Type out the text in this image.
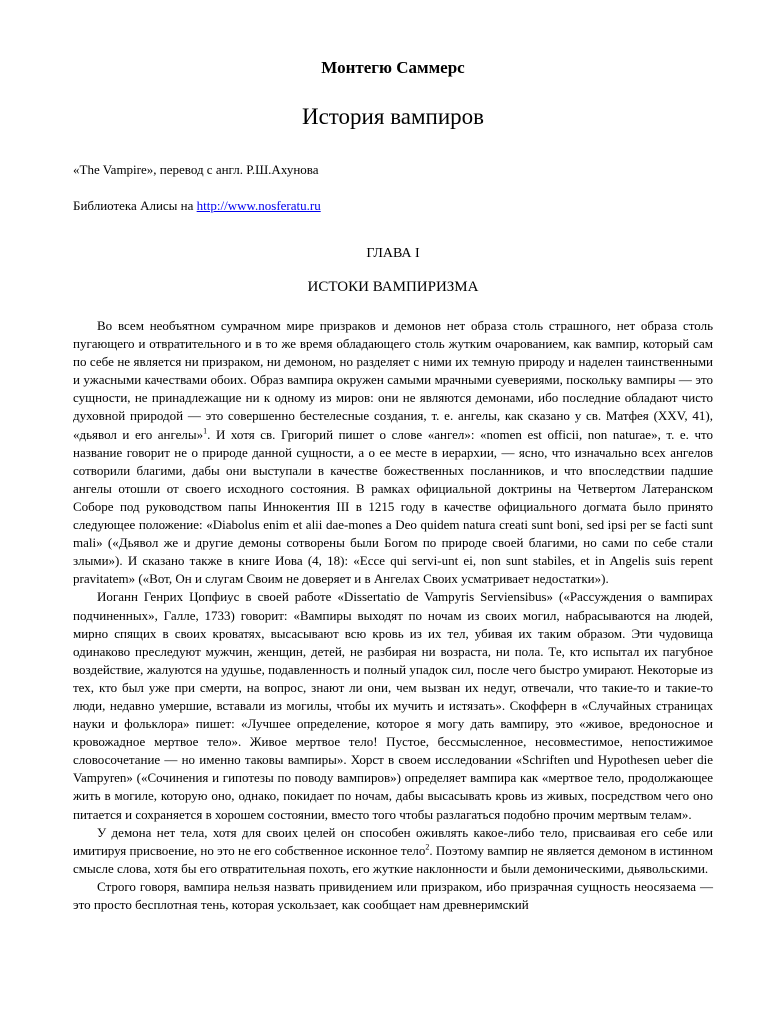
Монтегю Саммерс
История вампиров
«The Vampire», перевод с англ. Р.Ш.Ахунова
Библиотека Алисы на http://www.nosferatu.ru
ГЛАВА I
ИСТОКИ ВАМПИРИЗМА

Во всем необъятном сумрачном мире призраков и демонов нет образа столь страшного, нет образа столь пугающего и отвратительного и в то же время обладающего столь жутким очарованием, как вампир, который сам по себе не является ни призраком, ни демоном, но разделяет с ними их темную природу и наделен таинственными и ужасными качествами обоих. Образ вампира окружен самыми мрачными суевериями, поскольку вампиры — это сущности, не принадлежащие ни к одному из миров: они не являются демонами, ибо последние обладают чисто духовной природой — это совершенно бестелесные создания, т. е. ангелы, как сказано у св. Матфея (XXV, 41), «дьявол и его ангелы»$^1$. И хотя св. Григорий пишет о слове «ангел»: «nomen est officii, non naturae», т. е. что название говорит не о природе данной сущности, а о ее месте в иерархии, — ясно, что изначально всех ангелов сотворили благими, дабы они выступали в качестве божественных посланников, и что впоследствии падшие ангелы отошли от своего исходного состояния. В рамках официальной доктрины на Четвертом Латеранском Соборе под руководством папы Иннокентия III в 1215 году в качестве официального догмата было принято следующее положение: «Diabolus enim et alii dae-mones a Deo quidem natura creati sunt boni, sed ipsi per se facti sunt mali» («Дьявол же и другие демоны сотворены были Богом по природе своей благими, но сами по себе стали злыми»). И сказано также в книге Иова (4, 18): «Ecce qui servi-unt ei, non sunt stabiles, et in Angelis suis repent pravitatem» («Вот, Он и слугам Своим не доверяет и в Ангелах Своих усматривает недостатки»).

Иоганн Генрих Цопфиус в своей работе «Dissertatio de Vampyris Serviensibus» («Рассуждения о вампирах подчиненных», Галле, 1733) говорит: «Вампиры выходят по ночам из своих могил, набрасываются на людей, мирно спящих в своих кроватях, высасывают всю кровь из их тел, убивая их таким образом. Эти чудовища одинаково преследуют мужчин, женщин, детей, не разбирая ни возраста, ни пола. Те, кто испытал их пагубное воздействие, жалуются на удушье, подавленность и полный упадок сил, после чего быстро умирают. Некоторые из тех, кто был уже при смерти, на вопрос, знают ли они, чем вызван их недуг, отвечали, что такие-то и такие-то люди, недавно умершие, вставали из могилы, чтобы их мучить и истязать». Скофферн в «Случайных страницах науки и фольклора» пишет: «Лучшее определение, которое я могу дать вампиру, это «живое, вредоносное и кровожадное мертвое тело». Живое мертвое тело! Пустое, бессмысленное, несовместимое, непостижимое словосочетание — но именно таковы вампиры». Хорст в своем исследовании «Schriften und Hypothesen ueber die Vampyren» («Сочинения и гипотезы по поводу вампиров») определяет вампира как «мертвое тело, продолжающее жить в могиле, которую оно, однако, покидает по ночам, дабы высасывать кровь из живых, посредством чего оно питается и сохраняется в хорошем состоянии, вместо того чтобы разлагаться подобно прочим мертвым телам».

У демона нет тела, хотя для своих целей он способен оживлять какое-либо тело, присваивая его себе или имитируя присвоение, но это не его собственное исконное тело$^2$. Поэтому вампир не является демоном в истинном смысле слова, хотя бы его отвратительная похоть, его жуткие наклонности и были демоническими, дьявольскими.

Строго говоря, вампира нельзя назвать привидением или призраком, ибо призрачная сущность неосязаема — это просто бесплотная тень, которая ускользает, как сообщает нам древнеримский
